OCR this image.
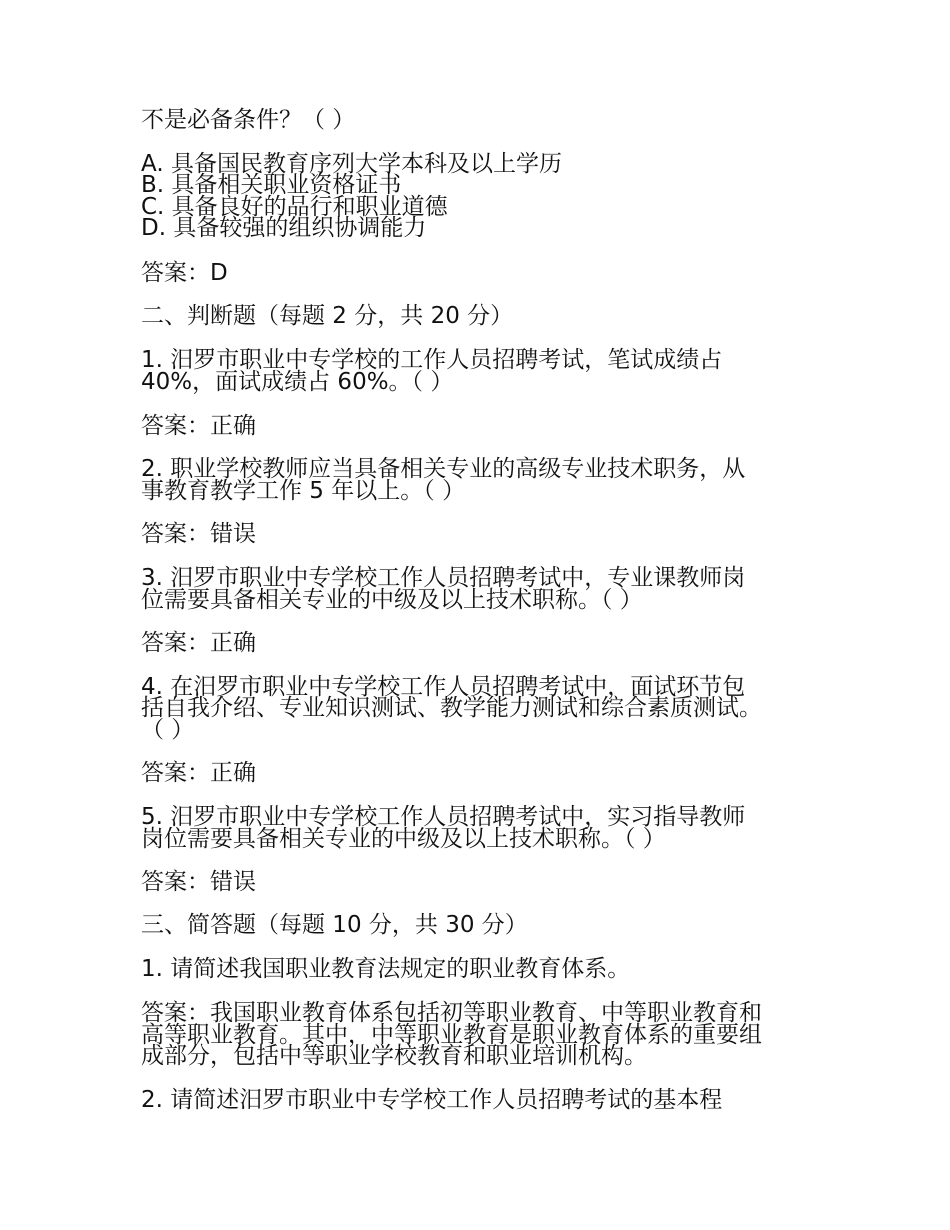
不是必备条件？（ ）
A. 具备国民教育序列大学本科及以上学历
B. 具备相关职业资格证书
C. 具备良好的品行和职业道德
D. 具备较强的组织协调能力
答案：D
二、判断题（每题 2 分，共 20 分）
1. 汨罗市职业中专学校的工作人员招聘考试，笔试成绩占
40%，面试成绩占 60%。（ ）
答案：正确
2. 职业学校教师应当具备相关专业的高级专业技术职务，从
事教育教学工作 5 年以上。（ ）
答案：错误
3. 汨罗市职业中专学校工作人员招聘考试中，专业课教师岗
位需要具备相关专业的中级及以上技术职称。（ ）
答案：正确
4. 在汨罗市职业中专学校工作人员招聘考试中，面试环节包
括自我介绍、专业知识测试、教学能力测试和综合素质测试。
（ ）
答案：正确
5. 汨罗市职业中专学校工作人员招聘考试中，实习指导教师
岗位需要具备相关专业的中级及以上技术职称。（ ）
答案：错误
三、简答题（每题 10 分，共 30 分）
1. 请简述我国职业教育法规定的职业教育体系。
答案：我国职业教育体系包括初等职业教育、中等职业教育和
高等职业教育。其中，中等职业教育是职业教育体系的重要组
成部分，包括中等职业学校教育和职业培训机构。
2. 请简述汨罗市职业中专学校工作人员招聘考试的基本程
